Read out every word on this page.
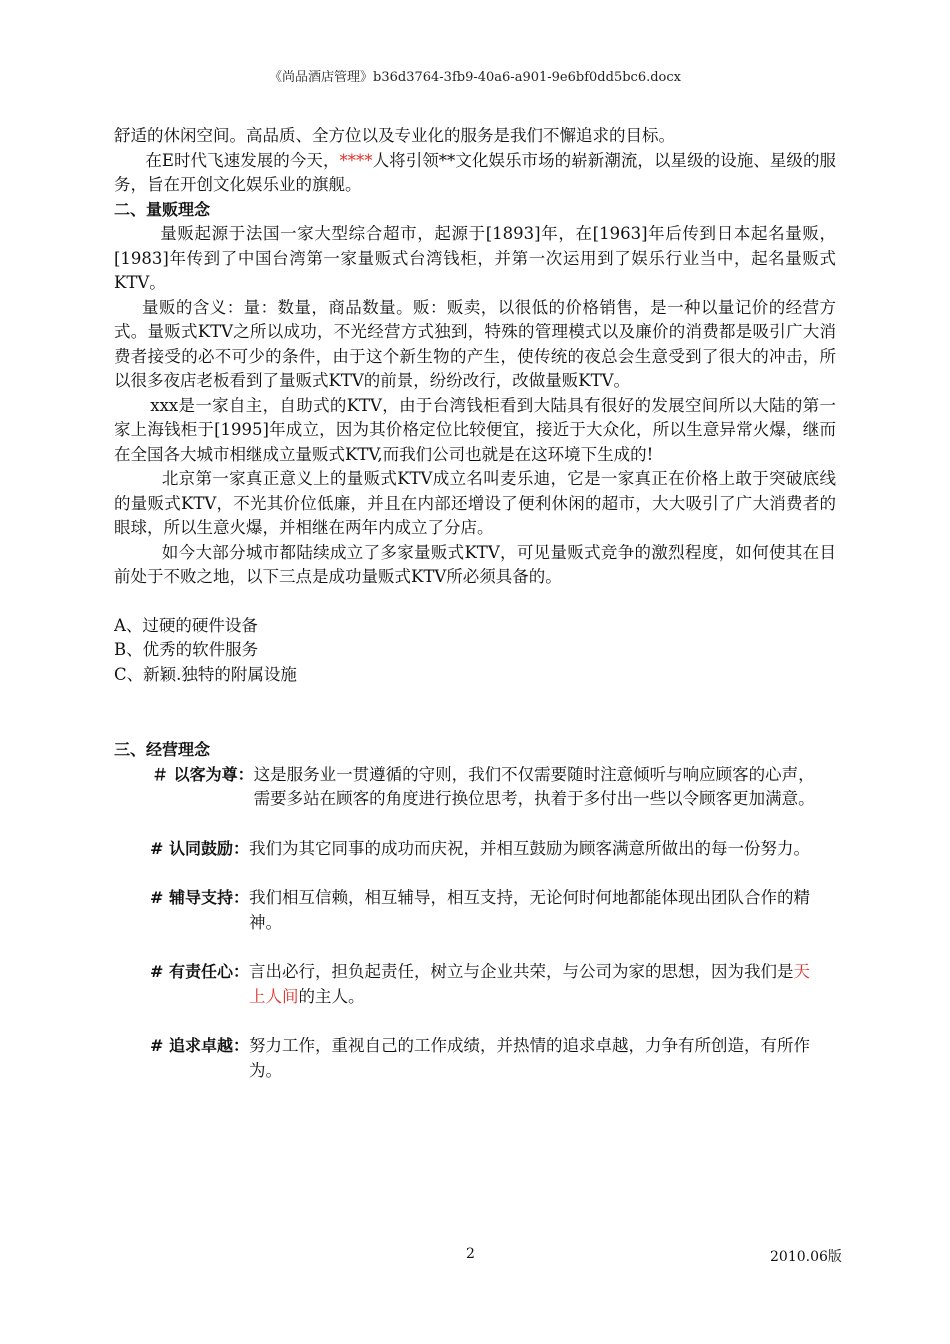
《尚品酒店管理》b36d3764-3fb9-40a6-a901-9e6bf0dd5bc6.docx

舒适的休闲空间。高品质、全方位以及专业化的服务是我们不懈追求的目标。

在E时代飞速发展的今天，****人将引领**文化娱乐市场的崭新潮流，以星级的设施、星级的服务，旨在开创文化娱乐业的旗舰。

二、量贩理念

量贩起源于法国一家大型综合超市，起源于[1893]年，在[1963]年后传到日本起名量贩，[1983]年传到了中国台湾第一家量贩式台湾钱柜，并第一次运用到了娱乐行业当中，起名量贩式KTV。

量贩的含义：量：数量，商品数量。贩：贩卖，以很低的价格销售，是一种以量记价的经营方式。量贩式KTV之所以成功，不光经营方式独到，特殊的管理模式以及廉价的消费都是吸引广大消费者接受的必不可少的条件，由于这个新生物的产生，使传统的夜总会生意受到了很大的冲击，所以很多夜店老板看到了量贩式KTV的前景，纷纷改行，改做量贩KTV。

xxx是一家自主，自助式的KTV，由于台湾钱柜看到大陆具有很好的发展空间所以大陆的第一家上海钱柜于[1995]年成立，因为其价格定位比较便宜，接近于大众化，所以生意异常火爆，继而在全国各大城市相继成立量贩式KTV,而我们公司也就是在这环境下生成的!

北京第一家真正意义上的量贩式KTV成立名叫麦乐迪，它是一家真正在价格上敢于突破底线的量贩式KTV，不光其价位低廉，并且在内部还增设了便利休闲的超市，大大吸引了广大消费者的眼球，所以生意火爆，并相继在两年内成立了分店。

如今大部分城市都陆续成立了多家量贩式KTV，可见量贩式竞争的激烈程度，如何使其在目前处于不败之地，以下三点是成功量贩式KTV所必须具备的。

A、过硬的硬件设备
B、优秀的软件服务
C、新颖.独特的附属设施

三、经营理念

＃ 以客为尊： 这是服务业一贯遵循的守则，我们不仅需要随时注意倾听与响应顾客的心声，需要多站在顾客的角度进行换位思考，执着于多付出一些以令顾客更加满意。
# 认同鼓励： 我们为其它同事的成功而庆祝，并相互鼓励为顾客满意所做出的每一份努力。
# 辅导支持： 我们相互信赖，相互辅导，相互支持，无论何时何地都能体现出团队合作的精神。
# 有责任心： 言出必行，担负起责任，树立与企业共荣，与公司为家的思想，因为我们是天上人间的主人。
# 追求卓越： 努力工作，重视自己的工作成绩，并热情的追求卓越，力争有所创造，有所作为。
2	2010.06版
